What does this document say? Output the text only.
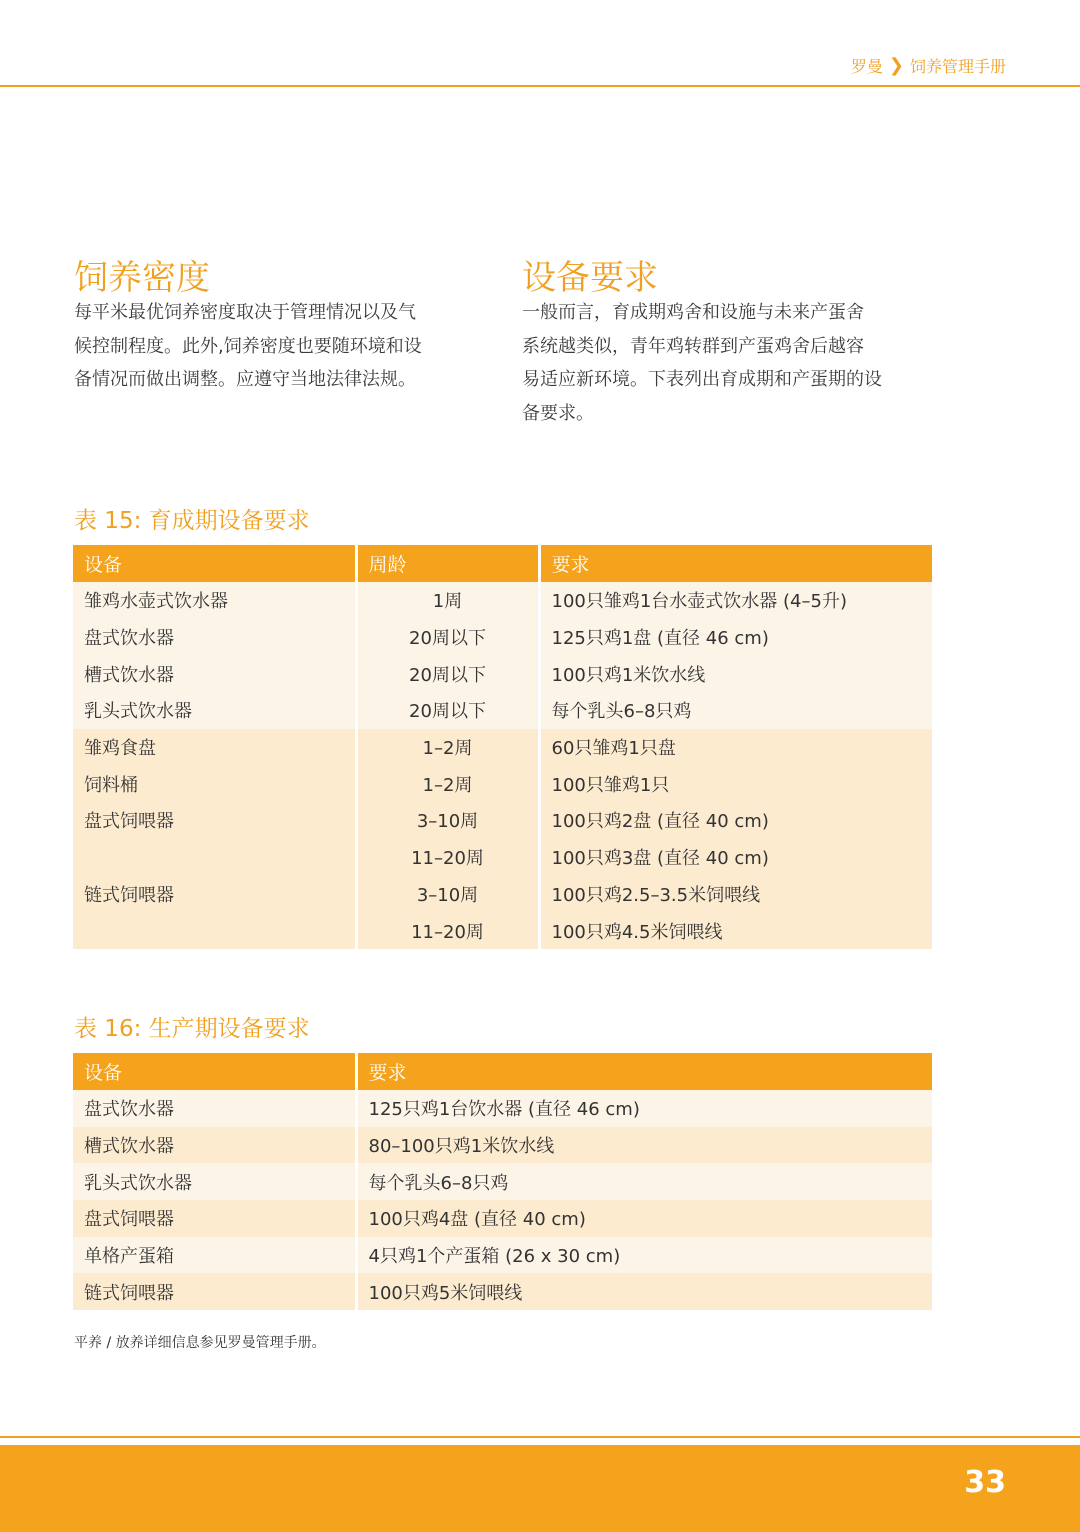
罗曼 ❯ 饲养管理手册
饲养密度

每平米最优饲养密度取决于管理情况以及气
候控制程度。此外,饲养密度也要随环境和设
备情况而做出调整。应遵守当地法律法规。

设备要求

一般而言，育成期鸡舍和设施与未来产蛋舍
系统越类似，青年鸡转群到产蛋鸡舍后越容
易适应新环境。下表列出育成期和产蛋期的设
备要求。

表 15: 育成期设备要求
设备	周龄	要求
雏鸡水壶式饮水器	1周	100只雏鸡1台水壶式饮水器 (4–5升)
盘式饮水器	20周以下	125只鸡1盘 (直径 46 cm)
槽式饮水器	20周以下	100只鸡1米饮水线
乳头式饮水器	20周以下	每个乳头6–8只鸡
雏鸡食盘	1–2周	60只雏鸡1只盘
饲料桶	1–2周	100只雏鸡1只
盘式饲喂器	3–10周	100只鸡2盘 (直径 40 cm)
	11–20周	100只鸡3盘 (直径 40 cm)
链式饲喂器	3–10周	100只鸡2.5–3.5米饲喂线
	11–20周	100只鸡4.5米饲喂线
表 16: 生产期设备要求
设备	要求
盘式饮水器	125只鸡1台饮水器 (直径 46 cm)
槽式饮水器	80–100只鸡1米饮水线
乳头式饮水器	每个乳头6–8只鸡
盘式饲喂器	100只鸡4盘 (直径 40 cm)
单格产蛋箱	4只鸡1个产蛋箱 (26 x 30 cm)
链式饲喂器	100只鸡5米饲喂线
平养 / 放养详细信息参见罗曼管理手册。
33
